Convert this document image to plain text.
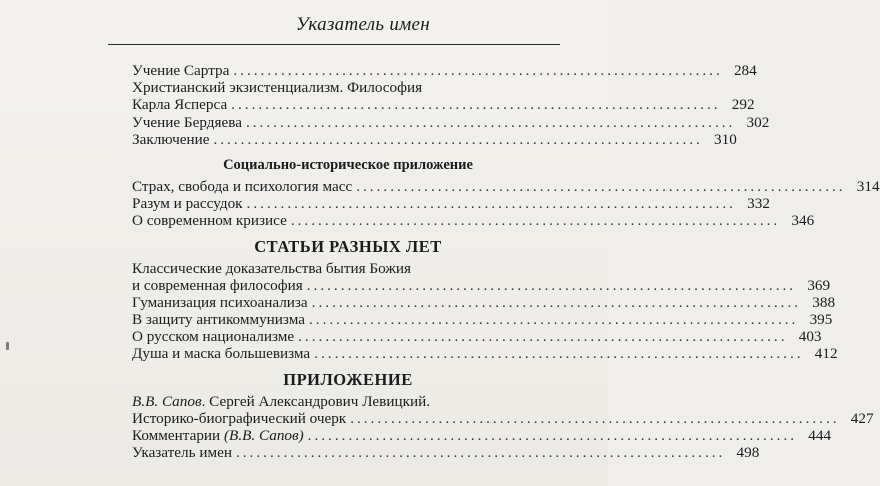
Указатель имен
Учение Сартра ........................................................................ 284
Христианский экзистенциализм. Философия
Карла Ясперса ........................................................................ 292
Учение Бердяева ........................................................................ 302
Заключение ........................................................................ 310
Социально-историческое приложение
Страх, свобода и психология масс ........................................................................ 314
Разум и рассудок ........................................................................ 332
О современном кризисе ........................................................................ 346
СТАТЬИ РАЗНЫХ ЛЕТ
Классические доказательства бытия Божия
и современная философия ........................................................................ 369
Гуманизация психоанализа ........................................................................ 388
В защиту антикоммунизма ........................................................................ 395
О русском национализме ........................................................................ 403
Душа и маска большевизма ........................................................................ 412
ПРИЛОЖЕНИЕ
В.В. Сапов. Сергей Александрович Левицкий.
Историко-биографический очерк ........................................................................ 427
Комментарии (В.В. Сапов) ........................................................................ 444
Указатель имен ........................................................................ 498
